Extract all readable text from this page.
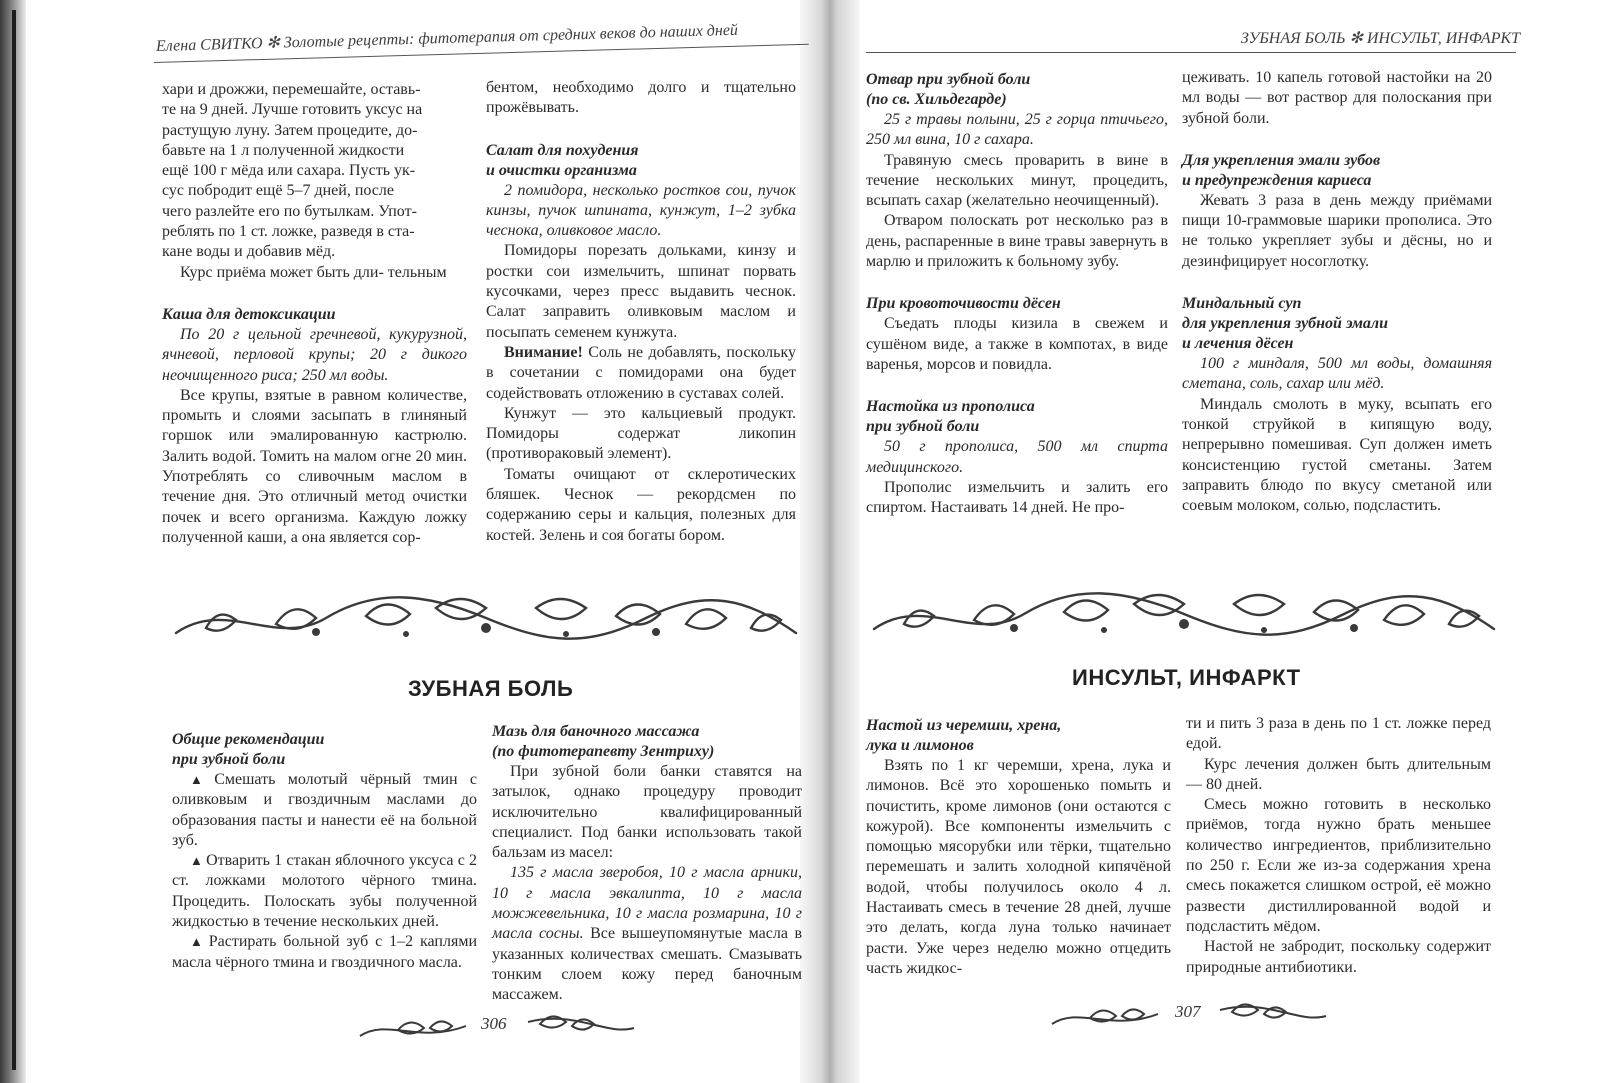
Елена СВИТКО ✻ Золотые рецепты: фитотерапия от средних веков до наших дней

хари и дрожжи, перемешайте, оставь-

те на 9 дней. Лучше готовить уксус на

растущую луну. Затем процедите, до-

бавьте на 1 л полученной жидкости

ещё 100 г мёда или сахара. Пусть ук-

сус побродит ещё 5–7 дней, после

чего разлейте его по бутылкам. Упот-

реблять по 1 ст. ложке, разведя в ста-

кане воды и добавив мёд.

Курс приёма может быть дли- тельным

Каша для детоксикации

По 20 г цельной гречневой, кукурузной, ячневой, перловой крупы; 20 г дикого неочищенного риса; 250 мл воды.

Все крупы, взятые в равном количестве, промыть и слоями засыпать в глиняный горшок или эмалированную кастрюлю. Залить водой. Томить на малом огне 20 мин. Употреблять со сливочным маслом в течение дня. Это отличный метод очистки почек и всего организма. Каждую ложку полученной каши, а она является сор-

бентом, необходимо долго и тщательно прожёвывать.

Салат для похудения
и очистки организма

2 помидора, несколько ростков сои, пучок кинзы, пучок шпината, кунжут, 1–2 зубка чеснока, оливковое масло.

Помидоры порезать дольками, кинзу и ростки сои измельчить, шпинат порвать кусочками, через пресс выдавить чеснок. Салат заправить оливковым маслом и посыпать семенем кунжута.

Внимание! Соль не добавлять, поскольку в сочетании с помидорами она будет содействовать отложению в суставах солей.

Кунжут — это кальциевый продукт. Помидоры содержат ликопин (противораковый элемент).

Томаты очищают от склеротических бляшек. Чеснок — рекордсмен по содержанию серы и кальция, полезных для костей. Зелень и соя богаты бором.

ЗУБНАЯ БОЛЬ
Общие рекомендации
при зубной боли

▲ Смешать молотый чёрный тмин с оливковым и гвоздичным маслами до образования пасты и нанести её на больной зуб.

▲ Отварить 1 стакан яблочного уксуса с 2 ст. ложками молотого чёрного тмина. Процедить. Полоскать зубы полученной жидкостью в течение нескольких дней.

▲ Растирать больной зуб с 1–2 каплями масла чёрного тмина и гвоздичного масла.

Мазь для баночного массажа
(по фитотерапевту Зентриху)

При зубной боли банки ставятся на затылок, однако процедуру проводит исключительно квалифицированный специалист. Под банки использовать такой бальзам из масел:

135 г масла зверобоя, 10 г масла арники, 10 г масла эвкалипта, 10 г масла можжевельника, 10 г масла розмарина, 10 г масла сосны. Все вышеупомянутые масла в указанных количествах смешать. Смазывать тонким слоем кожу перед баночным массажем.

306
ЗУБНАЯ БОЛЬ ✻ ИНСУЛЬТ, ИНФАРКТ
Отвар при зубной боли
(по св. Хильдегарде)

25 г травы полыни, 25 г горца птичьего, 250 мл вина, 10 г сахара.

Травяную смесь проварить в вине в течение нескольких минут, процедить, всыпать сахар (желательно неочищенный).

Отваром полоскать рот несколько раз в день, распаренные в вине травы завернуть в марлю и приложить к больному зубу.

При кровоточивости дёсен

Съедать плоды кизила в свежем и сушёном виде, а также в компотах, в виде варенья, морсов и повидла.

Настойка из прополиса
при зубной боли

50 г прополиса, 500 мл спирта медицинского.

Прополис измельчить и залить его спиртом. Настаивать 14 дней. Не про-

цеживать. 10 капель готовой настойки на 20 мл воды — вот раствор для полоскания при зубной боли.

Для укрепления эмали зубов
и предупреждения кариеса

Жевать 3 раза в день между приёмами пищи 10-граммовые шарики прополиса. Это не только укрепляет зубы и дёсны, но и дезинфицирует носоглотку.

Миндальный суп
для укрепления зубной эмали
и лечения дёсен

100 г миндаля, 500 мл воды, домашняя сметана, соль, сахар или мёд.

Миндаль смолоть в муку, всыпать его тонкой струйкой в кипящую воду, непрерывно помешивая. Суп должен иметь консистенцию густой сметаны. Затем заправить блюдо по вкусу сметаной или соевым молоком, солью, подсластить.

ИНСУЛЬТ, ИНФАРКТ
Настой из черемши, хрена,
лука и лимонов

Взять по 1 кг черемши, хрена, лука и лимонов. Всё это хорошенько помыть и почистить, кроме лимонов (они остаются с кожурой). Все компоненты измельчить с помощью мясорубки или тёрки, тщательно перемешать и залить холодной кипячёной водой, чтобы получилось около 4 л. Настаивать смесь в течение 28 дней, лучше это делать, когда луна только начинает расти. Уже через неделю можно отцедить часть жидкос-

ти и пить 3 раза в день по 1 ст. ложке перед едой.

Курс лечения должен быть длительным — 80 дней.

Смесь можно готовить в несколько приёмов, тогда нужно брать меньшее количество ингредиентов, приблизительно по 250 г. Если же из-за содержания хрена смесь покажется слишком острой, её можно развести дистиллированной водой и подсластить мёдом.

Настой не забродит, поскольку содержит природные антибиотики.

307
